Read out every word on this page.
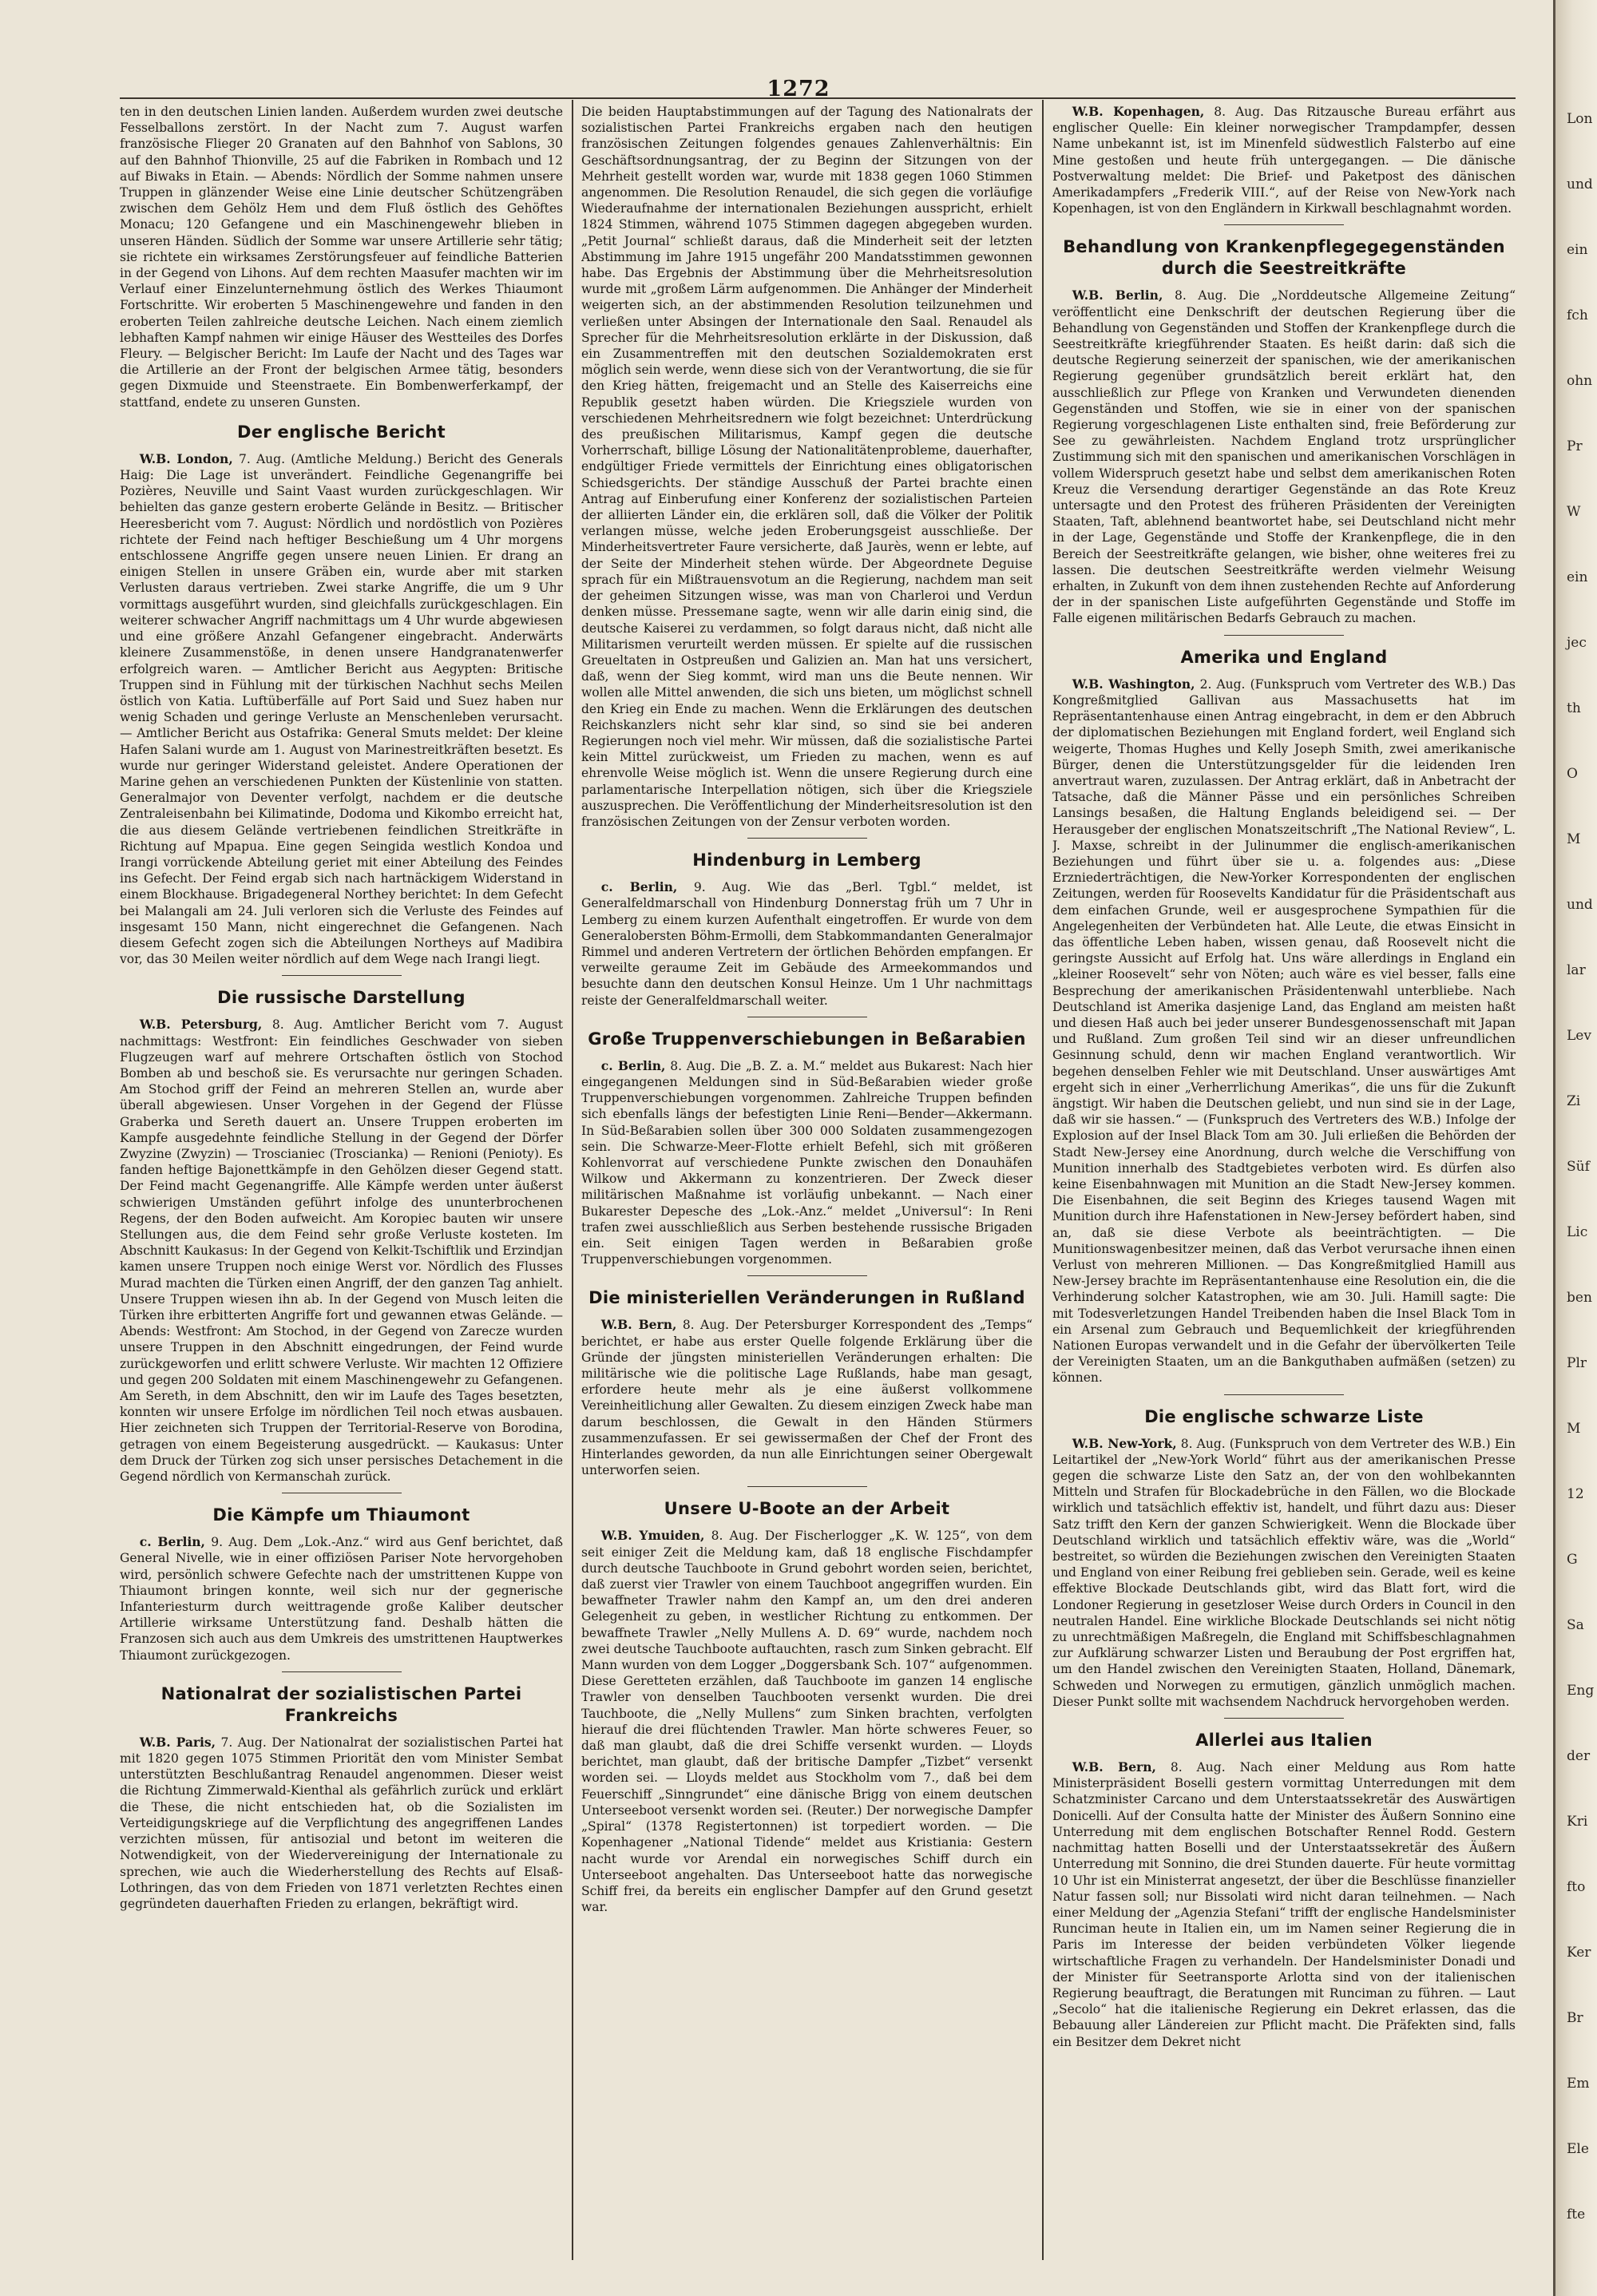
1272

ten in den deutschen Linien landen. Außerdem wurden zwei deutsche Fesselballons zerstört. In der Nacht zum 7. August warfen französische Flieger 20 Granaten auf den Bahnhof von Sablons, 30 auf den Bahnhof Thionville, 25 auf die Fabriken in Rombach und 12 auf Biwaks in Etain. — Abends: Nördlich der Somme nahmen unsere Truppen in glänzender Weise eine Linie deutscher Schützengräben zwischen dem Gehölz Hem und dem Fluß östlich des Gehöftes Monacu; 120 Gefangene und ein Maschinengewehr blieben in unseren Händen. Südlich der Somme war unsere Artillerie sehr tätig; sie richtete ein wirksames Zerstörungsfeuer auf feindliche Batterien in der Gegend von Lihons. Auf dem rechten Maasufer machten wir im Verlauf einer Einzelunternehmung östlich des Werkes Thiaumont Fortschritte. Wir eroberten 5 Maschinengewehre und fanden in den eroberten Teilen zahlreiche deutsche Leichen. Nach einem ziemlich lebhaften Kampf nahmen wir einige Häuser des Westteiles des Dorfes Fleury. — Belgischer Bericht: Im Laufe der Nacht und des Tages war die Artillerie an der Front der belgischen Armee tätig, besonders gegen Dixmuide und Steenstraete. Ein Bombenwerferkampf, der stattfand, endete zu unseren Gunsten.

Der englische Bericht

W.B. London, 7. Aug. (Amtliche Meldung.) Bericht des Generals Haig: Die Lage ist unverändert. Feindliche Gegenangriffe bei Pozières, Neuville und Saint Vaast wurden zurückgeschlagen. Wir behielten das ganze gestern eroberte Gelände in Besitz. — Britischer Heeresbericht vom 7. August: Nördlich und nordöstlich von Pozières richtete der Feind nach heftiger Beschießung um 4 Uhr morgens entschlossene Angriffe gegen unsere neuen Linien. Er drang an einigen Stellen in unsere Gräben ein, wurde aber mit starken Verlusten daraus vertrieben. Zwei starke Angriffe, die um 9 Uhr vormittags ausgeführt wurden, sind gleichfalls zurückgeschlagen. Ein weiterer schwacher Angriff nachmittags um 4 Uhr wurde abgewiesen und eine größere Anzahl Gefangener eingebracht. Anderwärts kleinere Zusammenstöße, in denen unsere Handgranatenwerfer erfolgreich waren. — Amtlicher Bericht aus Aegypten: Britische Truppen sind in Fühlung mit der türkischen Nachhut sechs Meilen östlich von Katia. Luftüberfälle auf Port Said und Suez haben nur wenig Schaden und geringe Verluste an Menschenleben verursacht. — Amtlicher Bericht aus Ostafrika: General Smuts meldet: Der kleine Hafen Salani wurde am 1. August von Marinestreitkräften besetzt. Es wurde nur geringer Widerstand geleistet. Andere Operationen der Marine gehen an verschiedenen Punkten der Küstenlinie von statten. Generalmajor von Deventer verfolgt, nachdem er die deutsche Zentraleisenbahn bei Kilimatinde, Dodoma und Kikombo erreicht hat, die aus diesem Gelände vertriebenen feindlichen Streitkräfte in Richtung auf Mpapua. Eine gegen Seingida westlich Kondoa und Irangi vorrückende Abteilung geriet mit einer Abteilung des Feindes ins Gefecht. Der Feind ergab sich nach hartnäckigem Widerstand in einem Blockhause. Brigadegeneral Northey berichtet: In dem Gefecht bei Malangali am 24. Juli verloren sich die Verluste des Feindes auf insgesamt 150 Mann, nicht eingerechnet die Gefangenen. Nach diesem Gefecht zogen sich die Abteilungen Northeys auf Madibira vor, das 30 Meilen weiter nördlich auf dem Wege nach Irangi liegt.

Die russische Darstellung

W.B. Petersburg, 8. Aug. Amtlicher Bericht vom 7. August nachmittags: Westfront: Ein feindliches Geschwader von sieben Flugzeugen warf auf mehrere Ortschaften östlich von Stochod Bomben ab und beschoß sie. Es verursachte nur geringen Schaden. Am Stochod griff der Feind an mehreren Stellen an, wurde aber überall abgewiesen. Unser Vorgehen in der Gegend der Flüsse Graberka und Sereth dauert an. Unsere Truppen eroberten im Kampfe ausgedehnte feindliche Stellung in der Gegend der Dörfer Zwyzine (Zwyzin) — Troscianiec (Troscianka) — Renioni (Penioty). Es fanden heftige Bajonettkämpfe in den Gehölzen dieser Gegend statt. Der Feind macht Gegenangriffe. Alle Kämpfe werden unter äußerst schwierigen Umständen geführt infolge des ununterbrochenen Regens, der den Boden aufweicht. Am Koropiec bauten wir unsere Stellungen aus, die dem Feind sehr große Verluste kosteten. Im Abschnitt Kaukasus: In der Gegend von Kelkit-Tschiftlik und Erzindjan kamen unsere Truppen noch einige Werst vor. Nördlich des Flusses Murad machten die Türken einen Angriff, der den ganzen Tag anhielt. Unsere Truppen wiesen ihn ab. In der Gegend von Musch leiten die Türken ihre erbitterten Angriffe fort und gewannen etwas Gelände. — Abends: Westfront: Am Stochod, in der Gegend von Zarecze wurden unsere Truppen in den Abschnitt eingedrungen, der Feind wurde zurückgeworfen und erlitt schwere Verluste. Wir machten 12 Offiziere und gegen 200 Soldaten mit einem Maschinengewehr zu Gefangenen. Am Sereth, in dem Abschnitt, den wir im Laufe des Tages besetzten, konnten wir unsere Erfolge im nördlichen Teil noch etwas ausbauen. Hier zeichneten sich Truppen der Territorial-Reserve von Borodina, getragen von einem Begeisterung ausgedrückt. — Kaukasus: Unter dem Druck der Türken zog sich unser persisches Detachement in die Gegend nördlich von Kermanschah zurück.

Die Kämpfe um Thiaumont

c. Berlin, 9. Aug. Dem „Lok.-Anz.“ wird aus Genf berichtet, daß General Nivelle, wie in einer offiziösen Pariser Note hervorgehoben wird, persönlich schwere Gefechte nach der umstrittenen Kuppe von Thiaumont bringen konnte, weil sich nur der gegnerische Infanteriesturm durch weittragende große Kaliber deutscher Artillerie wirksame Unterstützung fand. Deshalb hätten die Franzosen sich auch aus dem Umkreis des umstrittenen Hauptwerkes Thiaumont zurückgezogen.

Nationalrat der sozialistischen Partei Frankreichs

W.B. Paris, 7. Aug. Der Nationalrat der sozialistischen Partei hat mit 1820 gegen 1075 Stimmen Priorität den vom Minister Sembat unterstützten Beschlußantrag Renaudel angenommen. Dieser weist die Richtung Zimmerwald-Kienthal als gefährlich zurück und erklärt die These, die nicht entschieden hat, ob die Sozialisten im Verteidigungskriege auf die Verpflichtung des angegriffenen Landes verzichten müssen, für antisozial und betont im weiteren die Notwendigkeit, von der Wiedervereinigung der Internationale zu sprechen, wie auch die Wiederherstellung des Rechts auf Elsaß-Lothringen, das von dem Frieden von 1871 verletzten Rechtes einen gegründeten dauerhaften Frieden zu erlangen, bekräftigt wird.

Die beiden Hauptabstimmungen auf der Tagung des Nationalrats der sozialistischen Partei Frankreichs ergaben nach den heutigen französischen Zeitungen folgendes genaues Zahlenverhältnis: Ein Geschäftsordnungsantrag, der zu Beginn der Sitzungen von der Mehrheit gestellt worden war, wurde mit 1838 gegen 1060 Stimmen angenommen. Die Resolution Renaudel, die sich gegen die vorläufige Wiederaufnahme der internationalen Beziehungen ausspricht, erhielt 1824 Stimmen, während 1075 Stimmen dagegen abgegeben wurden. „Petit Journal“ schließt daraus, daß die Minderheit seit der letzten Abstimmung im Jahre 1915 ungefähr 200 Mandatsstimmen gewonnen habe. Das Ergebnis der Abstimmung über die Mehrheitsresolution wurde mit „großem Lärm aufgenommen. Die Anhänger der Minderheit weigerten sich, an der abstimmenden Resolution teilzunehmen und verließen unter Absingen der Internationale den Saal. Renaudel als Sprecher für die Mehrheitsresolution erklärte in der Diskussion, daß ein Zusammentreffen mit den deutschen Sozialdemokraten erst möglich sein werde, wenn diese sich von der Verantwortung, die sie für den Krieg hätten, freigemacht und an Stelle des Kaiserreichs eine Republik gesetzt haben würden. Die Kriegsziele wurden von verschiedenen Mehrheitsrednern wie folgt bezeichnet: Unterdrückung des preußischen Militarismus, Kampf gegen die deutsche Vorherrschaft, billige Lösung der Nationalitätenprobleme, dauerhafter, endgültiger Friede vermittels der Einrichtung eines obligatorischen Schiedsgerichts. Der ständige Ausschuß der Partei brachte einen Antrag auf Einberufung einer Konferenz der sozialistischen Parteien der alliierten Länder ein, die erklären soll, daß die Völker der Politik verlangen müsse, welche jeden Eroberungsgeist ausschließe. Der Minderheitsvertreter Faure versicherte, daß Jaurès, wenn er lebte, auf der Seite der Minderheit stehen würde. Der Abgeordnete Deguise sprach für ein Mißtrauensvotum an die Regierung, nachdem man seit der geheimen Sitzungen wisse, was man von Charleroi und Verdun denken müsse. Pressemane sagte, wenn wir alle darin einig sind, die deutsche Kaiserei zu verdammen, so folgt daraus nicht, daß nicht alle Militarismen verurteilt werden müssen. Er spielte auf die russischen Greueltaten in Ostpreußen und Galizien an. Man hat uns versichert, daß, wenn der Sieg kommt, wird man uns die Beute nennen. Wir wollen alle Mittel anwenden, die sich uns bieten, um möglichst schnell den Krieg ein Ende zu machen. Wenn die Erklärungen des deutschen Reichskanzlers nicht sehr klar sind, so sind sie bei anderen Regierungen noch viel mehr. Wir müssen, daß die sozialistische Partei kein Mittel zurückweist, um Frieden zu machen, wenn es auf ehrenvolle Weise möglich ist. Wenn die unsere Regierung durch eine parlamentarische Interpellation nötigen, sich über die Kriegsziele auszusprechen. Die Veröffentlichung der Minderheitsresolution ist den französischen Zeitungen von der Zensur verboten worden.

Hindenburg in Lemberg

c. Berlin, 9. Aug. Wie das „Berl. Tgbl.“ meldet, ist Generalfeldmarschall von Hindenburg Donnerstag früh um 7 Uhr in Lemberg zu einem kurzen Aufenthalt eingetroffen. Er wurde von dem Generalobersten Böhm-Ermolli, dem Stabkommandanten Generalmajor Rimmel und anderen Vertretern der örtlichen Behörden empfangen. Er verweilte geraume Zeit im Gebäude des Armeekommandos und besuchte dann den deutschen Konsul Heinze. Um 1 Uhr nachmittags reiste der Generalfeldmarschall weiter.

Große Truppenverschiebungen in Beßarabien

c. Berlin, 8. Aug. Die „B. Z. a. M.“ meldet aus Bukarest: Nach hier eingegangenen Meldungen sind in Süd-Beßarabien wieder große Truppenverschiebungen vorgenommen. Zahlreiche Truppen befinden sich ebenfalls längs der befestigten Linie Reni—Bender—Akkermann. In Süd-Beßarabien sollen über 300 000 Soldaten zusammengezogen sein. Die Schwarze-Meer-Flotte erhielt Befehl, sich mit größeren Kohlenvorrat auf verschiedene Punkte zwischen den Donauhäfen Wilkow und Akkermann zu konzentrieren. Der Zweck dieser militärischen Maßnahme ist vorläufig unbekannt. — Nach einer Bukarester Depesche des „Lok.-Anz.“ meldet „Universul“: In Reni trafen zwei ausschließlich aus Serben bestehende russische Brigaden ein. Seit einigen Tagen werden in Beßarabien große Truppenverschiebungen vorgenommen.

Die ministeriellen Veränderungen in Rußland

W.B. Bern, 8. Aug. Der Petersburger Korrespondent des „Temps“ berichtet, er habe aus erster Quelle folgende Erklärung über die Gründe der jüngsten ministeriellen Veränderungen erhalten: Die militärische wie die politische Lage Rußlands, habe man gesagt, erfordere heute mehr als je eine äußerst vollkommene Vereinheitlichung aller Gewalten. Zu diesem einzigen Zweck habe man darum beschlossen, die Gewalt in den Händen Stürmers zusammenzufassen. Er sei gewissermaßen der Chef der Front des Hinterlandes geworden, da nun alle Einrichtungen seiner Obergewalt unterworfen seien.

Unsere U-Boote an der Arbeit

W.B. Ymuiden, 8. Aug. Der Fischerlogger „K. W. 125“, von dem seit einiger Zeit die Meldung kam, daß 18 englische Fischdampfer durch deutsche Tauchboote in Grund gebohrt worden seien, berichtet, daß zuerst vier Trawler von einem Tauchboot angegriffen wurden. Ein bewaffneter Trawler nahm den Kampf an, um den drei anderen Gelegenheit zu geben, in westlicher Richtung zu entkommen. Der bewaffnete Trawler „Nelly Mullens A. D. 69“ wurde, nachdem noch zwei deutsche Tauchboote auftauchten, rasch zum Sinken gebracht. Elf Mann wurden von dem Logger „Doggersbank Sch. 107“ aufgenommen. Diese Geretteten erzählen, daß Tauchboote im ganzen 14 englische Trawler von denselben Tauchbooten versenkt wurden. Die drei Tauchboote, die „Nelly Mullens“ zum Sinken brachten, verfolgten hierauf die drei flüchtenden Trawler. Man hörte schweres Feuer, so daß man glaubt, daß die drei Schiffe versenkt wurden. — Lloyds berichtet, man glaubt, daß der britische Dampfer „Tizbet“ versenkt worden sei. — Lloyds meldet aus Stockholm vom 7., daß bei dem Feuerschiff „Sinngrundet“ eine dänische Brigg von einem deutschen Unterseeboot versenkt worden sei. (Reuter.) Der norwegische Dampfer „Spiral“ (1378 Registertonnen) ist torpediert worden. — Die Kopenhagener „National Tidende“ meldet aus Kristiania: Gestern nacht wurde vor Arendal ein norwegisches Schiff durch ein Unterseeboot angehalten. Das Unterseeboot hatte das norwegische Schiff frei, da bereits ein englischer Dampfer auf den Grund gesetzt war.

W.B. Kopenhagen, 8. Aug. Das Ritzausche Bureau erfährt aus englischer Quelle: Ein kleiner norwegischer Trampdampfer, dessen Name unbekannt ist, ist im Minenfeld südwestlich Falsterbo auf eine Mine gestoßen und heute früh untergegangen. — Die dänische Postverwaltung meldet: Die Brief- und Paketpost des dänischen Amerikadampfers „Frederik VIII.“, auf der Reise von New-York nach Kopenhagen, ist von den Engländern in Kirkwall beschlagnahmt worden.

Behandlung von Krankenpflegegegenständen durch die Seestreitkräfte

W.B. Berlin, 8. Aug. Die „Norddeutsche Allgemeine Zeitung“ veröffentlicht eine Denkschrift der deutschen Regierung über die Behandlung von Gegenständen und Stoffen der Krankenpflege durch die Seestreitkräfte kriegführender Staaten. Es heißt darin: daß sich die deutsche Regierung seinerzeit der spanischen, wie der amerikanischen Regierung gegenüber grundsätzlich bereit erklärt hat, den ausschließlich zur Pflege von Kranken und Verwundeten dienenden Gegenständen und Stoffen, wie sie in einer von der spanischen Regierung vorgeschlagenen Liste enthalten sind, freie Beförderung zur See zu gewährleisten. Nachdem England trotz ursprünglicher Zustimmung sich mit den spanischen und amerikanischen Vorschlägen in vollem Widerspruch gesetzt habe und selbst dem amerikanischen Roten Kreuz die Versendung derartiger Gegenstände an das Rote Kreuz untersagte und den Protest des früheren Präsidenten der Vereinigten Staaten, Taft, ablehnend beantwortet habe, sei Deutschland nicht mehr in der Lage, Gegenstände und Stoffe der Krankenpflege, die in den Bereich der Seestreitkräfte gelangen, wie bisher, ohne weiteres frei zu lassen. Die deutschen Seestreitkräfte werden vielmehr Weisung erhalten, in Zukunft von dem ihnen zustehenden Rechte auf Anforderung der in der spanischen Liste aufgeführten Gegenstände und Stoffe im Falle eigenen militärischen Bedarfs Gebrauch zu machen.

Amerika und England

W.B. Washington, 2. Aug. (Funkspruch vom Vertreter des W.B.) Das Kongreßmitglied Gallivan aus Massachusetts hat im Repräsentantenhause einen Antrag eingebracht, in dem er den Abbruch der diplomatischen Beziehungen mit England fordert, weil England sich weigerte, Thomas Hughes und Kelly Joseph Smith, zwei amerikanische Bürger, denen die Unterstützungsgelder für die leidenden Iren anvertraut waren, zuzulassen. Der Antrag erklärt, daß in Anbetracht der Tatsache, daß die Männer Pässe und ein persönliches Schreiben Lansings besaßen, die Haltung Englands beleidigend sei. — Der Herausgeber der englischen Monatszeitschrift „The National Review“, L. J. Maxse, schreibt in der Julinummer die englisch-amerikanischen Beziehungen und führt über sie u. a. folgendes aus: „Diese Erzniederträchtigen, die New-Yorker Korrespondenten der englischen Zeitungen, werden für Roosevelts Kandidatur für die Präsidentschaft aus dem einfachen Grunde, weil er ausgesprochene Sympathien für die Angelegenheiten der Verbündeten hat. Alle Leute, die etwas Einsicht in das öffentliche Leben haben, wissen genau, daß Roosevelt nicht die geringste Aussicht auf Erfolg hat. Uns wäre allerdings in England ein „kleiner Roosevelt“ sehr von Nöten; auch wäre es viel besser, falls eine Besprechung der amerikanischen Präsidentenwahl unterbliebe. Nach Deutschland ist Amerika dasjenige Land, das England am meisten haßt und diesen Haß auch bei jeder unserer Bundesgenossenschaft mit Japan und Rußland. Zum großen Teil sind wir an dieser unfreundlichen Gesinnung schuld, denn wir machen England verantwortlich. Wir begehen denselben Fehler wie mit Deutschland. Unser auswärtiges Amt ergeht sich in einer „Verherrlichung Amerikas“, die uns für die Zukunft ängstigt. Wir haben die Deutschen geliebt, und nun sind sie in der Lage, daß wir sie hassen.“ — (Funkspruch des Vertreters des W.B.) Infolge der Explosion auf der Insel Black Tom am 30. Juli erließen die Behörden der Stadt New-Jersey eine Anordnung, durch welche die Verschiffung von Munition innerhalb des Stadtgebietes verboten wird. Es dürfen also keine Eisenbahnwagen mit Munition an die Stadt New-Jersey kommen. Die Eisenbahnen, die seit Beginn des Krieges tausend Wagen mit Munition durch ihre Hafenstationen in New-Jersey befördert haben, sind an, daß sie diese Verbote als beeinträchtigten. — Die Munitionswagenbesitzer meinen, daß das Verbot verursache ihnen einen Verlust von mehreren Millionen. — Das Kongreßmitglied Hamill aus New-Jersey brachte im Repräsentantenhause eine Resolution ein, die die Verhinderung solcher Katastrophen, wie am 30. Juli. Hamill sagte: Die mit Todesverletzungen Handel Treibenden haben die Insel Black Tom in ein Arsenal zum Gebrauch und Bequemlichkeit der kriegführenden Nationen Europas verwandelt und in die Gefahr der übervölkerten Teile der Vereinigten Staaten, um an die Bankguthaben aufmäßen (setzen) zu können.

Die englische schwarze Liste

W.B. New-York, 8. Aug. (Funkspruch von dem Vertreter des W.B.) Ein Leitartikel der „New-York World“ führt aus der amerikanischen Presse gegen die schwarze Liste den Satz an, der von den wohlbekannten Mitteln und Strafen für Blockadebrüche in den Fällen, wo die Blockade wirklich und tatsächlich effektiv ist, handelt, und führt dazu aus: Dieser Satz trifft den Kern der ganzen Schwierigkeit. Wenn die Blockade über Deutschland wirklich und tatsächlich effektiv wäre, was die „World“ bestreitet, so würden die Beziehungen zwischen den Vereinigten Staaten und England von einer Reibung frei geblieben sein. Gerade, weil es keine effektive Blockade Deutschlands gibt, wird das Blatt fort, wird die Londoner Regierung in gesetzloser Weise durch Orders in Council in den neutralen Handel. Eine wirkliche Blockade Deutschlands sei nicht nötig zu unrechtmäßigen Maßregeln, die England mit Schiffsbeschlagnahmen zur Aufklärung schwarzer Listen und Beraubung der Post ergriffen hat, um den Handel zwischen den Vereinigten Staaten, Holland, Dänemark, Schweden und Norwegen zu ermutigen, gänzlich unmöglich machen. Dieser Punkt sollte mit wachsendem Nachdruck hervorgehoben werden.

Allerlei aus Italien

W.B. Bern, 8. Aug. Nach einer Meldung aus Rom hatte Ministerpräsident Boselli gestern vormittag Unterredungen mit dem Schatzminister Carcano und dem Unterstaatssekretär des Auswärtigen Donicelli. Auf der Consulta hatte der Minister des Äußern Sonnino eine Unterredung mit dem englischen Botschafter Rennel Rodd. Gestern nachmittag hatten Boselli und der Unterstaatssekretär des Äußern Unterredung mit Sonnino, die drei Stunden dauerte. Für heute vormittag 10 Uhr ist ein Ministerrat angesetzt, der über die Beschlüsse finanzieller Natur fassen soll; nur Bissolati wird nicht daran teilnehmen. — Nach einer Meldung der „Agenzia Stefani“ trifft der englische Handelsminister Runciman heute in Italien ein, um im Namen seiner Regierung die in Paris im Interesse der beiden verbündeten Völker liegende wirtschaftliche Fragen zu verhandeln. Der Handelsminister Donadi und der Minister für Seetransporte Arlotta sind von der italienischen Regierung beauftragt, die Beratungen mit Runciman zu führen. — Laut „Secolo“ hat die italienische Regierung ein Dekret erlassen, das die Bebauung aller Ländereien zur Pflicht macht. Die Präfekten sind, falls ein Besitzer dem Dekret nicht

Lon
und
ein
fch
ohn
Pr
W
ein
jec
th
O
M
und
lar
Lev
Zi
Süf
Lic
ben
Plr
M
12
G
Sa
Eng
der
Kri
fto
Ker
Br
Em
Ele
fte
